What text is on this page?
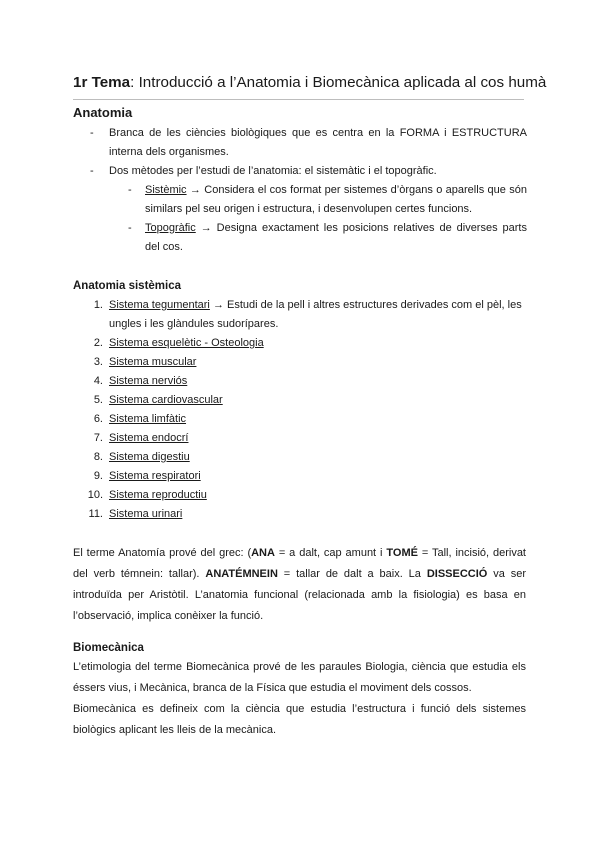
1r Tema: Introducció a l’Anatomia i Biomecànica aplicada al cos humà
Anatomia
- Branca de les ciències biològiques que es centra en la FORMA i ESTRUCTURA interna dels organismes.
- Dos mètodes per l’estudi de l’anatomia: el sistemàtic i el topogràfic.
- Sistèmic → Considera el cos format per sistemes d’òrgans o aparells que són similars pel seu origen i estructura, i desenvolupen certes funcions.
- Topogràfic → Designa exactament les posicions relatives de diverses parts del cos.
Anatomia sistèmica
1. Sistema tegumentari → Estudi de la pell i altres estructures derivades com el pèl, les ungles i les glàndules sudorípares.
2. Sistema esquelètic - Osteologia
3. Sistema muscular
4. Sistema nerviós
5. Sistema cardiovascular
6. Sistema limfàtic
7. Sistema endocrí
8. Sistema digestiu
9. Sistema respiratori
10. Sistema reproductiu
11. Sistema urinari
El terme Anatomía prové del grec: (ANA = a dalt, cap amunt i TOMÉ = Tall, incisió, derivat del verb témnein: tallar). ANATÉMNEIN = tallar de dalt a baix. La DISSECCIÓ va ser introduïda per Aristòtil. L’anatomia funcional (relacionada amb la fisiologia) es basa en l’observació, implica conèixer la funció.
Biomecànica
L’etimologia del terme Biomecànica prové de les paraules Biologia, ciència que estudia els éssers vius, i Mecànica, branca de la Física que estudia el moviment dels cossos.
Biomecànica es defineix com la ciència que estudia l’estructura i funció dels sistemes biològics aplicant les lleis de la mecànica.
